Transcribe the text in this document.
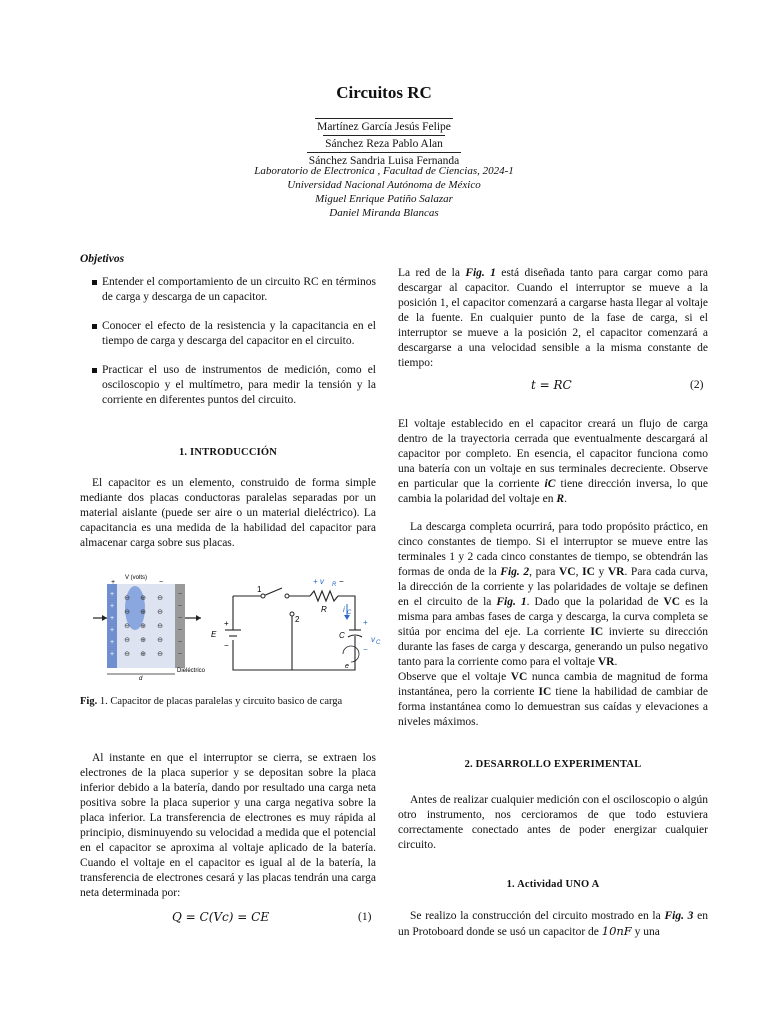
Circuitos RC
Martínez García Jesús Felipe
Sánchez Reza Pablo Alan
Sánchez Sandria Luisa Fernanda
Laboratorio de Electronica , Facultad de Ciencias, 2024-1
Universidad Nacional Autónoma de México
Miguel Enrique Patiño Salazar
Daniel Miranda Blancas
Objetivos
Entender el comportamiento de un circuito RC en términos de carga y descarga de un capacitor.
Conocer el efecto de la resistencia y la capacitancia en el tiempo de carga y descarga del capacitor en el circuito.
Practicar el uso de instrumentos de medición, como el osciloscopio y el multímetro, para medir la tensión y la corriente en diferentes puntos del circuito.
1. INTRODUCCIÓN

El capacitor es un elemento, construido de forma simple mediante dos placas conductoras paralelas separadas por un material aislante (puede ser aire o un material dieléctrico). La capacitancia es una medida de la habilidad del capacitor para almacenar carga sobre sus placas.

+
+
+
+
+
+
−
−
−
−
−
−
⊖ ⊕ ⊖
⊖ ⊕ ⊖
⊖ ⊕ ⊖
⊖ ⊕ ⊖
⊖ ⊕ ⊖
V (volts)
+	−
d
Dieléctrico
1
2
E
+
−
R
C
+ v R −
i C
+
v C
−
e
Fig. 1. Capacitor de placas paralelas y circuito basico de carga

Al instante en que el interruptor se cierra, se extraen los electrones de la placa superior y se depositan sobre la placa inferior debido a la batería, dando por resultado una carga neta positiva sobre la placa superior y una carga negativa sobre la placa inferior. La transferencia de electrones es muy rápida al principio, disminuyendo su velocidad a medida que el potencial en el capacitor se aproxima al voltaje aplicado de la batería. Cuando el voltaje en el capacitor es igual al de la batería, la transferencia de electrones cesará y las placas tendrán una carga neta determinada por:

Q = C(Vc) = CE	(1)

La red de la Fig. 1 está diseñada tanto para cargar como para descargar al capacitor. Cuando el interruptor se mueve a la posición 1, el capacitor comenzará a cargarse hasta llegar al voltaje de la fuente. En cualquier punto de la fase de carga, si el interruptor se mueve a la posición 2, el capacitor comenzará a descargarse a una velocidad sensible a la misma constante de tiempo:

t = RC	(2)

El voltaje establecido en el capacitor creará un flujo de carga dentro de la trayectoria cerrada que eventualmente descargará al capacitor por completo. En esencia, el capacitor funciona como una batería con un voltaje en sus terminales decreciente. Observe en particular que la corriente iC tiene dirección inversa, lo que cambia la polaridad del voltaje en R.

La descarga completa ocurrirá, para todo propósito práctico, en cinco constantes de tiempo. Si el interruptor se mueve entre las terminales 1 y 2 cada cinco constantes de tiempo, se obtendrán las formas de onda de la Fig. 2, para VC, IC y VR. Para cada curva, la dirección de la corriente y las polaridades de voltaje se definen en el circuito de la Fig. 1. Dado que la polaridad de VC es la misma para ambas fases de carga y descarga, la curva completa se sitúa por encima del eje. La corriente IC invierte su dirección durante las fases de carga y descarga, generando un pulso negativo tanto para la corriente como para el voltaje VR.

Observe que el voltaje VC nunca cambia de magnitud de forma instantánea, pero la corriente IC tiene la habilidad de cambiar de forma instantánea como lo demuestran sus caídas y elevaciones a niveles máximos.

2. DESARROLLO EXPERIMENTAL

Antes de realizar cualquier medición con el osciloscopio o algún otro instrumento, nos cercioramos de que todo estuviera correctamente conectado antes de poder energizar cualquier circuito.

1. Actividad UNO A

Se realizo la construcción del circuito mostrado en la Fig. 3 en un Protoboard donde se usó un capacitor de 10nF y una
